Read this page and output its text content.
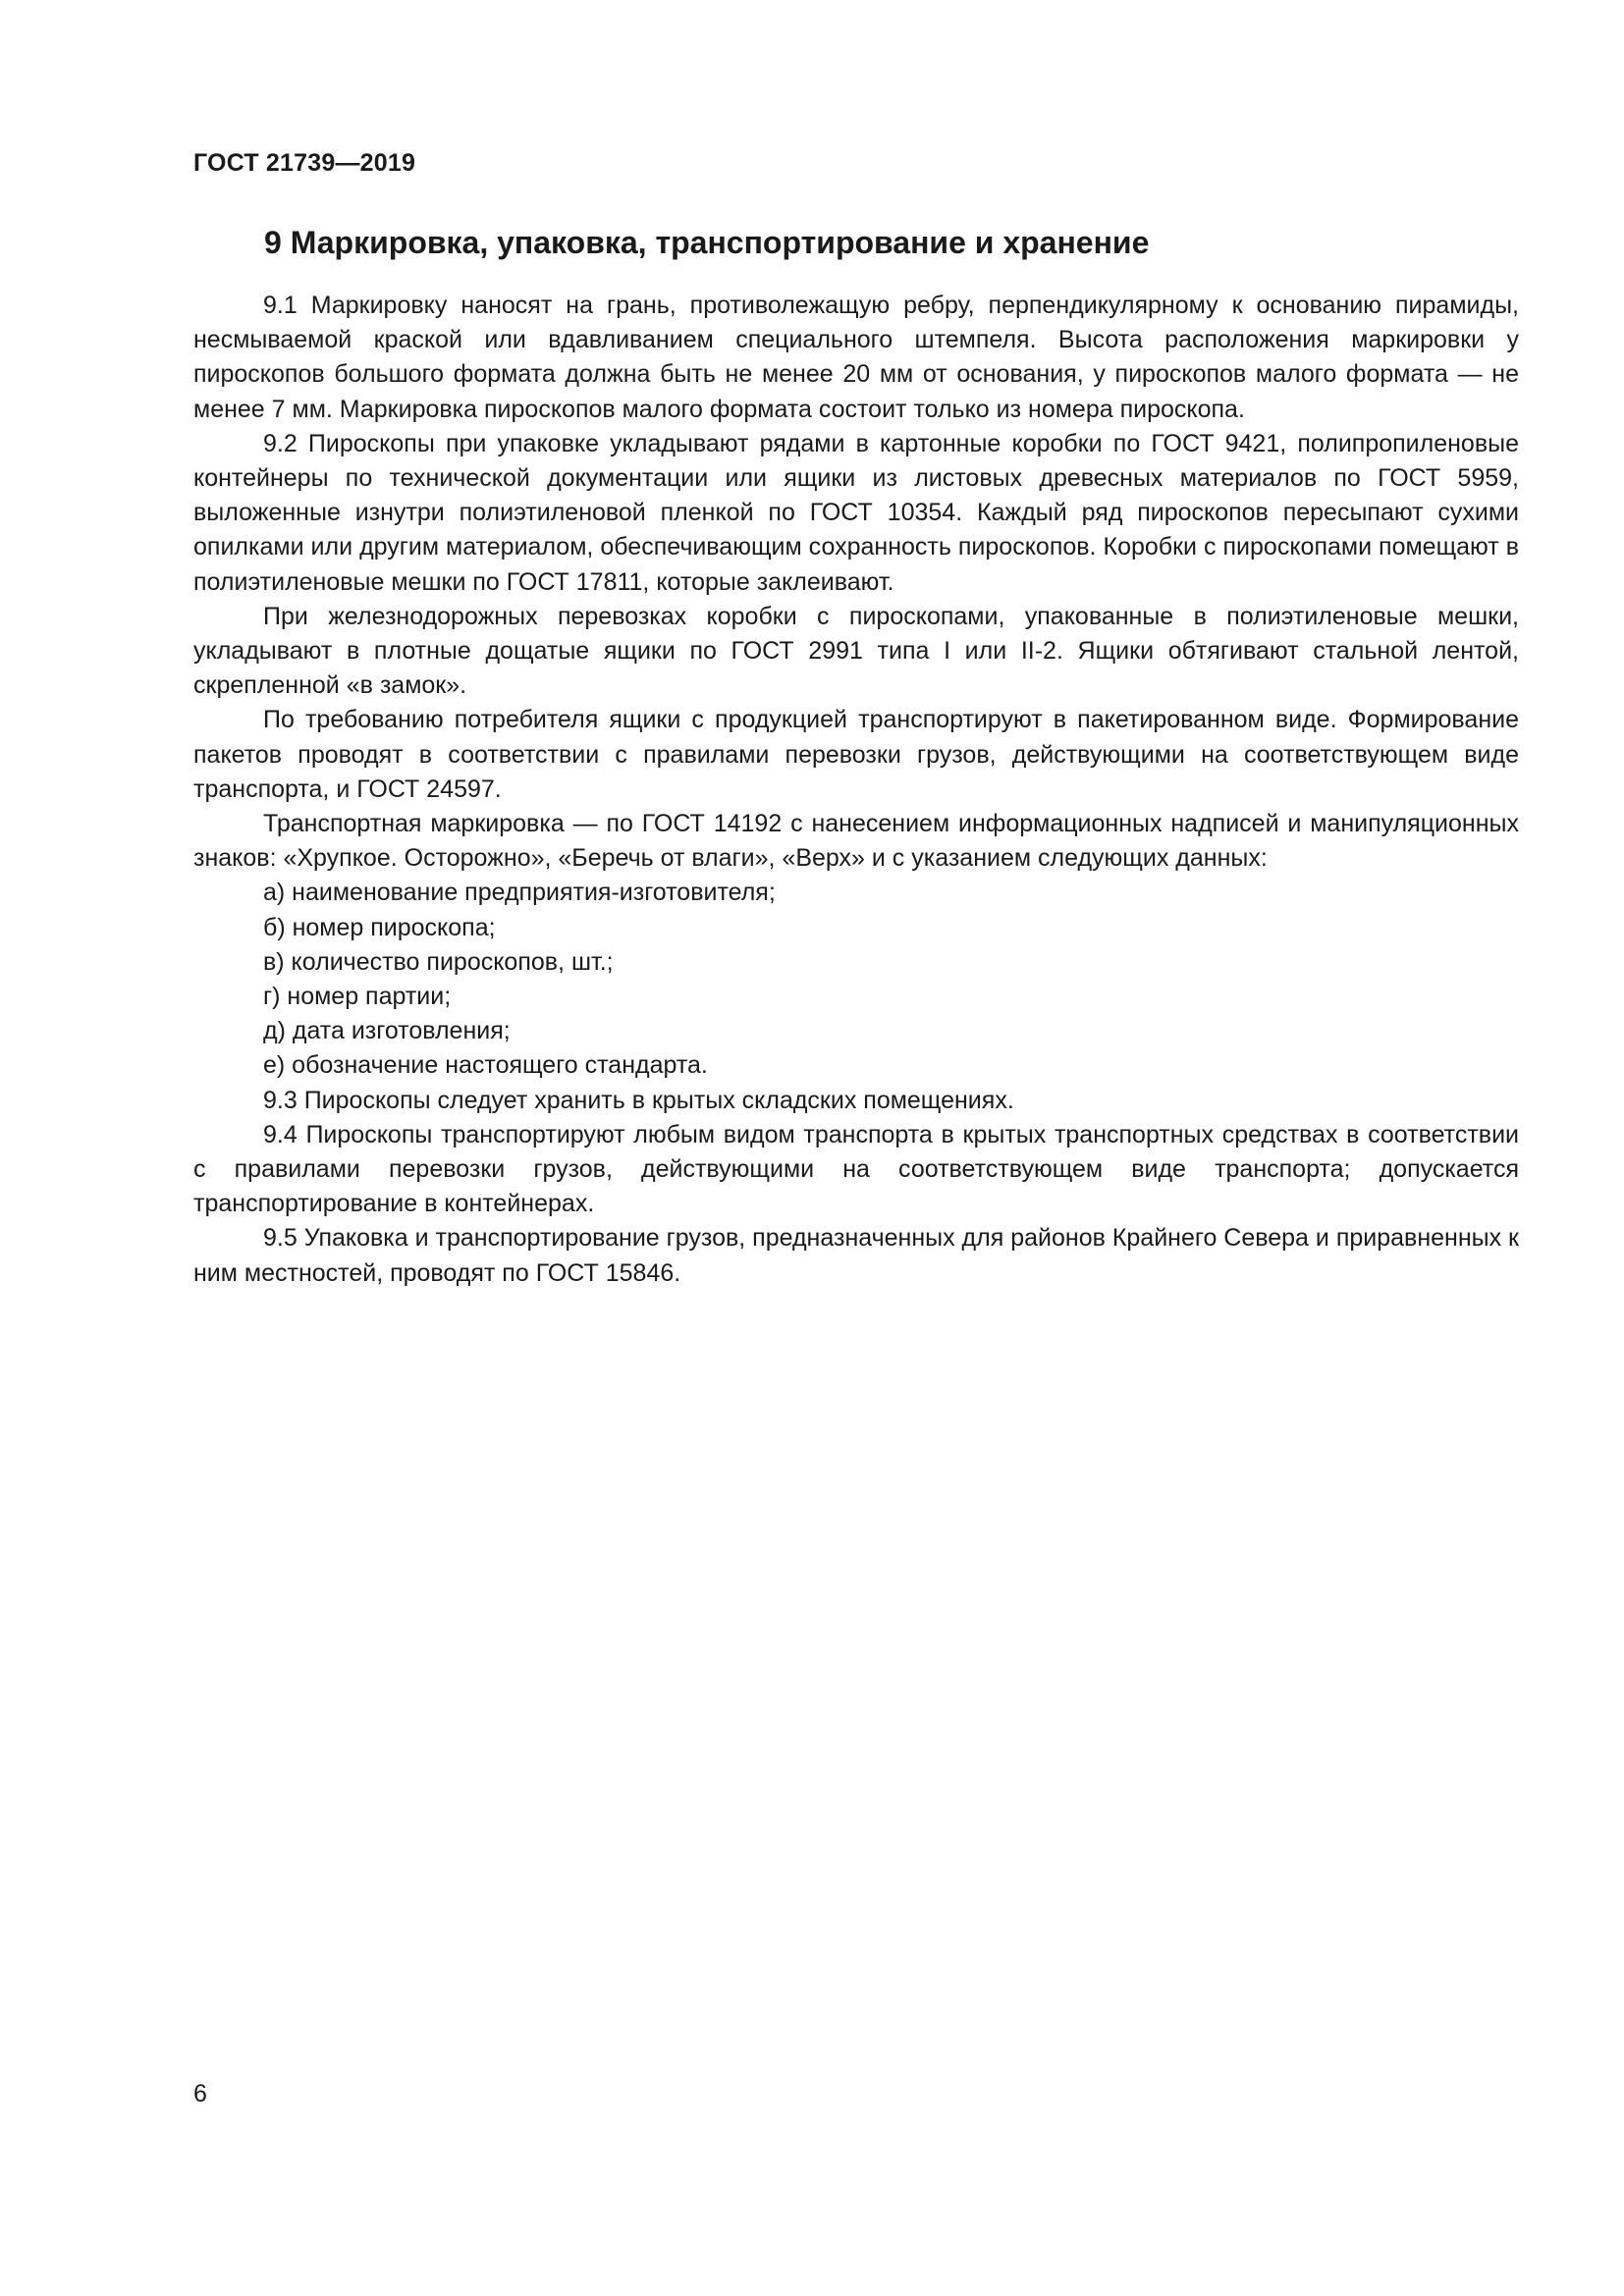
ГОСТ 21739—2019
9 Маркировка, упаковка, транспортирование и хранение

9.1 Маркировку наносят на грань, противолежащую ребру, перпендикулярному к основанию пирамиды, несмываемой краской или вдавливанием специального штемпеля. Высота расположения маркировки у пироскопов большого формата должна быть не менее 20 мм от основания, у пироскопов малого формата — не менее 7 мм. Маркировка пироскопов малого формата состоит только из номера пироскопа.

9.2 Пироскопы при упаковке укладывают рядами в картонные коробки по ГОСТ 9421, полипропиленовые контейнеры по технической документации или ящики из листовых древесных материалов по ГОСТ 5959, выложенные изнутри полиэтиленовой пленкой по ГОСТ 10354. Каждый ряд пироскопов пересыпают сухими опилками или другим материалом, обеспечивающим сохранность пироскопов. Коробки с пироскопами помещают в полиэтиленовые мешки по ГОСТ 17811, которые заклеивают.

При железнодорожных перевозках коробки с пироскопами, упакованные в полиэтиленовые мешки, укладывают в плотные дощатые ящики по ГОСТ 2991 типа I или II-2. Ящики обтягивают стальной лентой, скрепленной «в замок».

По требованию потребителя ящики с продукцией транспортируют в пакетированном виде. Формирование пакетов проводят в соответствии с правилами перевозки грузов, действующими на соответствующем виде транспорта, и ГОСТ 24597.

Транспортная маркировка — по ГОСТ 14192 с нанесением информационных надписей и манипуляционных знаков: «Хрупкое. Осторожно», «Беречь от влаги», «Верх» и с указанием следующих данных:

а) наименование предприятия-изготовителя;
б) номер пироскопа;
в) количество пироскопов, шт.;
г) номер партии;
д) дата изготовления;
е) обозначение настоящего стандарта.

9.3 Пироскопы следует хранить в крытых складских помещениях.

9.4 Пироскопы транспортируют любым видом транспорта в крытых транспортных средствах в соответствии с правилами перевозки грузов, действующими на соответствующем виде транспорта; допускается транспортирование в контейнерах.

9.5 Упаковка и транспортирование грузов, предназначенных для районов Крайнего Севера и приравненных к ним местностей, проводят по ГОСТ 15846.

6
